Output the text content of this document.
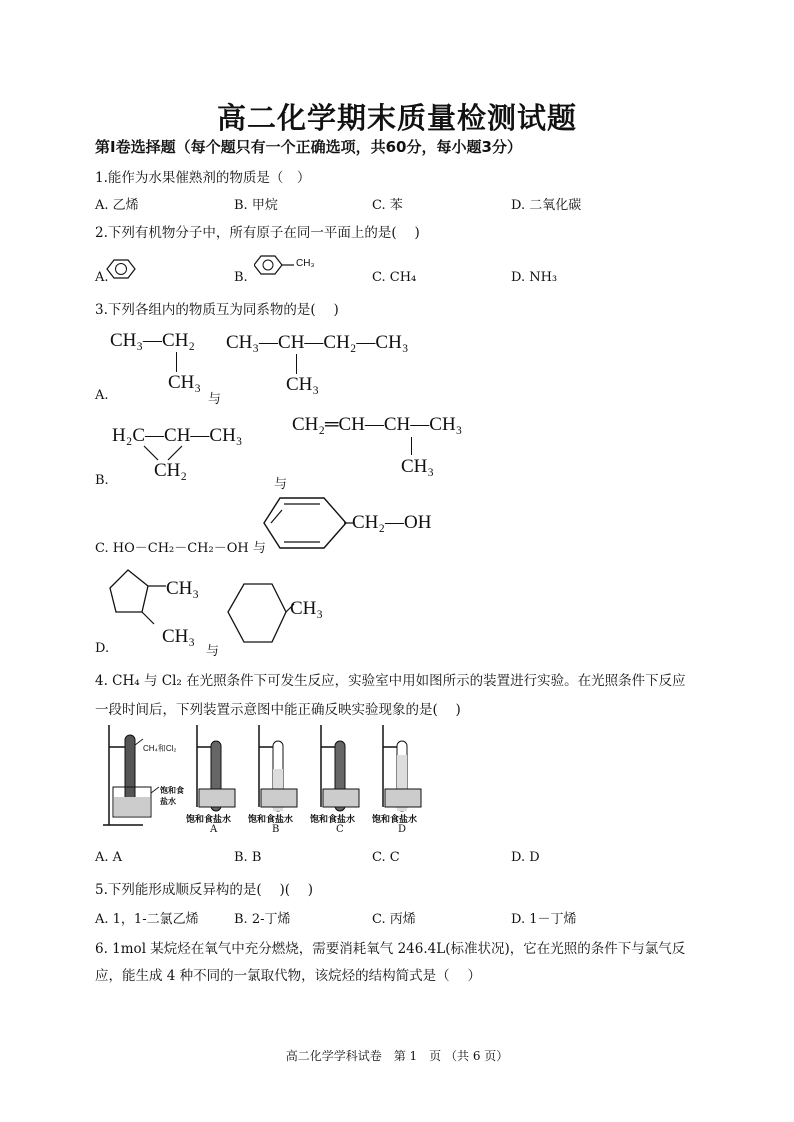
高二化学期末质量检测试题
第Ⅰ卷选择题（每个题只有一个正确选项，共60分，每小题3分）
1.能作为水果催熟剂的物质是（　）
A. 乙烯	B. 甲烷	C. 苯	D. 二氧化碳
2.下列有机物分子中，所有原子在同一平面上的是(　 )
A.	B.
CH₃
C. CH₄	D. NH₃
3.下列各组内的物质互为同系物的是(　 )
CH₃—CH₂
CH₃
CH₃—CH—CH₂—CH₃
CH₃
A.	与
H₂C—CH—CH₃
CH₂
CH₂═CH—CH—CH₃
CH₃
B.	与
C. HO－CH₂－CH₂－OH 与
CH₂—OH
CH₃
CH₃
D.	与
CH₃
4. CH₄ 与 Cl₂ 在光照条件下可发生反应，实验室中用如图所示的装置进行实验。在光照条件下反应
一段时间后，下列装置示意图中能正确反映实验现象的是(　 )
CH₄和Cl₂
饱和食盐水
饱和食盐水 饱和食盐水 饱和食盐水 饱和食盐水
A	B	C	D
A. A	B. B	C. C	D. D
5.下列能形成顺反异构的是(　 )(　 )
A. 1，1-二氯乙烯	B. 2-丁烯	C. 丙烯	D. 1－丁烯
6. 1mol 某烷烃在氧气中充分燃烧，需要消耗氧气 246.4L(标准状况)，它在光照的条件下与氯气反
应，能生成 4 种不同的一氯取代物，该烷烃的结构简式是（　 ）
高二化学学科试卷　第 1　页 （共 6 页）
